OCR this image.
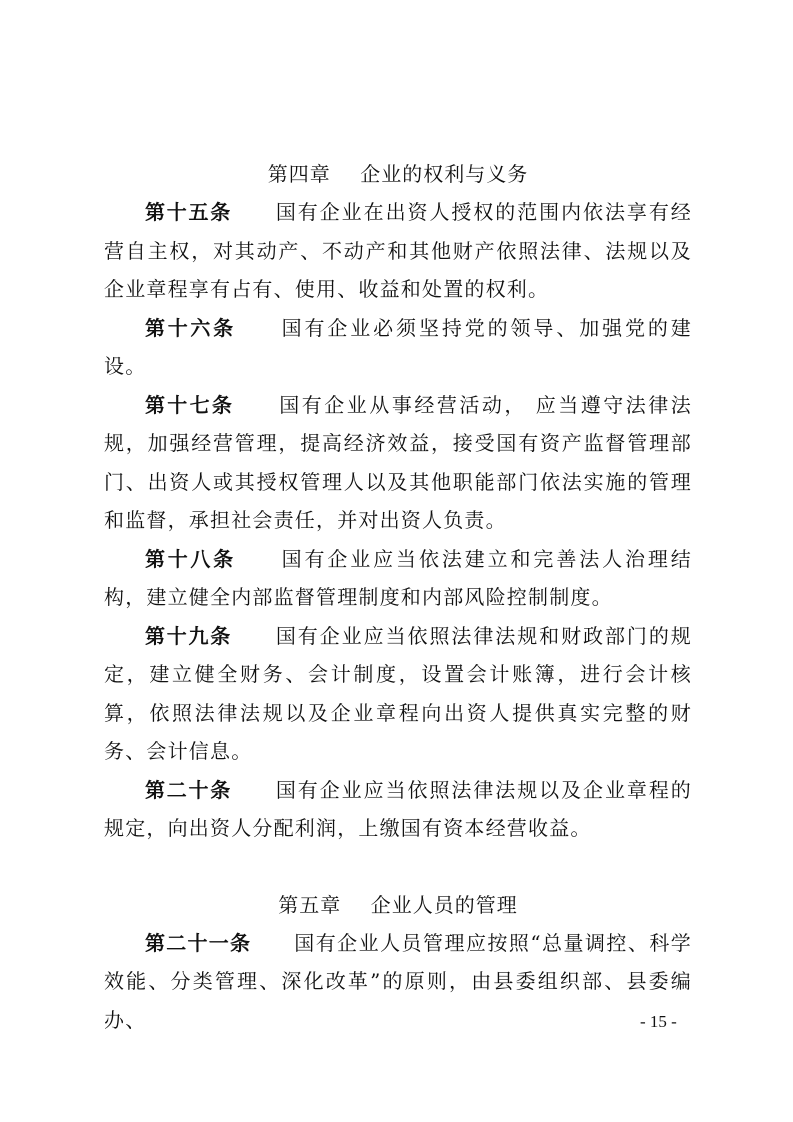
第四章    企业的权利与义务

第十五条　　 国有企业在出资人授权的范围内依法享有经营自主权，对其动产、不动产和其他财产依照法律、法规以及企业章程享有占有、使用、收益和处置的权利。

第十六条　　 国有企业必须坚持党的领导、加强党的建设。

第十七条　　 国有企业从事经营活动， 应当遵守法律法规，加强经营管理，提高经济效益，接受国有资产监督管理部门、出资人或其授权管理人以及其他职能部门依法实施的管理和监督，承担社会责任，并对出资人负责。

第十八条　　 国有企业应当依法建立和完善法人治理结构，建立健全内部监督管理制度和内部风险控制制度。

第十九条　　 国有企业应当依照法律法规和财政部门的规定，建立健全财务、会计制度，设置会计账簿，进行会计核算，依照法律法规以及企业章程向出资人提供真实完整的财务、会计信息。

第二十条　　 国有企业应当依照法律法规以及企业章程的规定，向出资人分配利润，上缴国有资本经营收益。

第五章    企业人员的管理

第二十一条　　 国有企业人员管理应按照“总量调控、科学效能、分类管理、深化改革”的原则，由县委组织部、县委编办、	- 15 -
